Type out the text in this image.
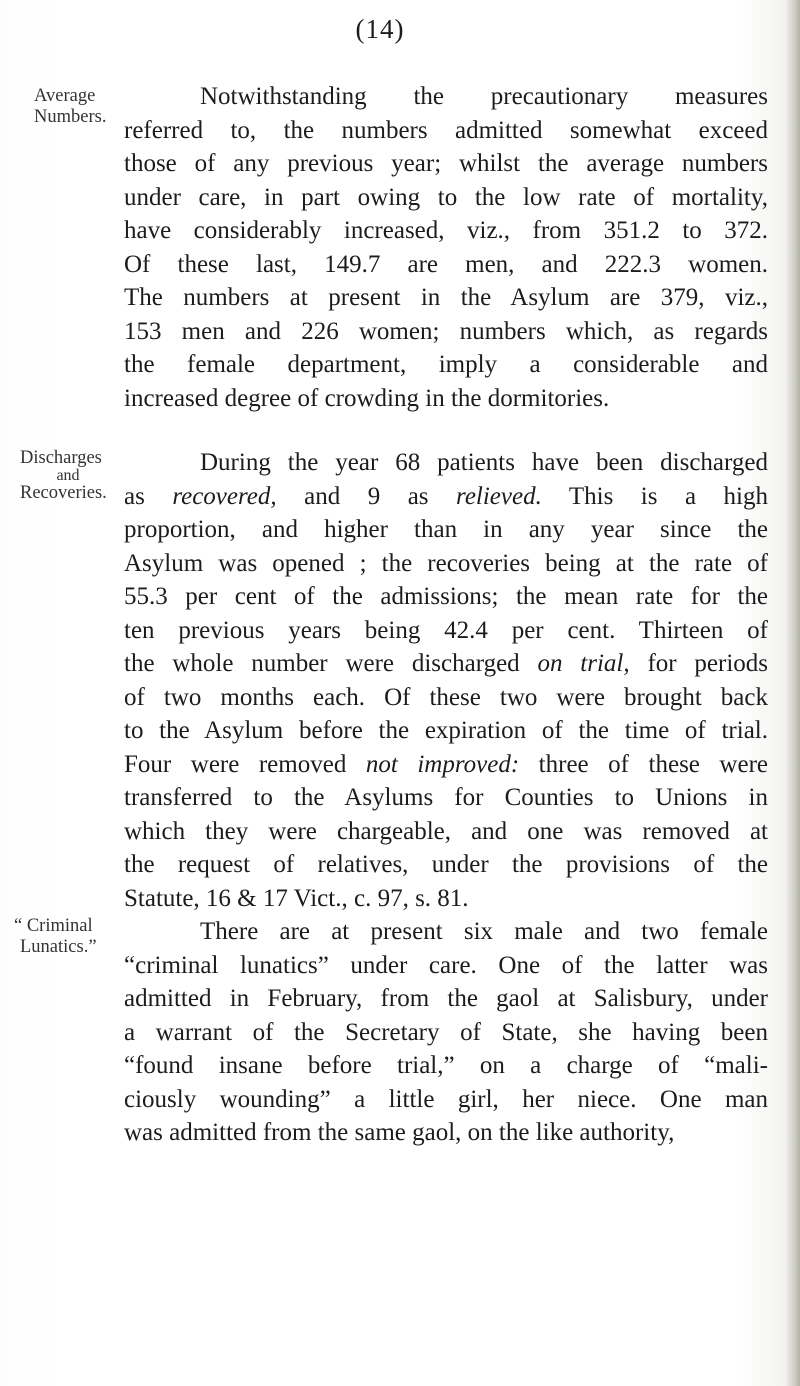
(14)
Average
Numbers.
Discharges
and
Recoveries.
“ Criminal
Lunatics.”
Notwithstanding the precautionary measures
referred to, the numbers admitted somewhat exceed
those of any previous year; whilst the average numbers
under care, in part owing to the low rate of mortality,
have considerably increased, viz., from 351.2 to 372.
Of these last, 149.7 are men, and 222.3 women.
The numbers at present in the Asylum are 379, viz.,
153 men and 226 women; numbers which, as regards
the female department, imply a considerable and
increased degree of crowding in the dormitories.
During the year 68 patients have been discharged
as recovered, and 9 as relieved. This is a high
proportion, and higher than in any year since the
Asylum was opened ; the recoveries being at the rate of
55.3 per cent of the admissions; the mean rate for the
ten previous years being 42.4 per cent. Thirteen of
the whole number were discharged on trial, for periods
of two months each. Of these two were brought back
to the Asylum before the expiration of the time of trial.
Four were removed not improved: three of these were
transferred to the Asylums for Counties to Unions in
which they were chargeable, and one was removed at
the request of relatives, under the provisions of the
Statute, 16 & 17 Vict., c. 97, s. 81.
There are at present six male and two female
“criminal lunatics” under care. One of the latter was
admitted in February, from the gaol at Salisbury, under
a warrant of the Secretary of State, she having been
“found insane before trial,” on a charge of “mali-
ciously wounding” a little girl, her niece. One man
was admitted from the same gaol, on the like authority,
